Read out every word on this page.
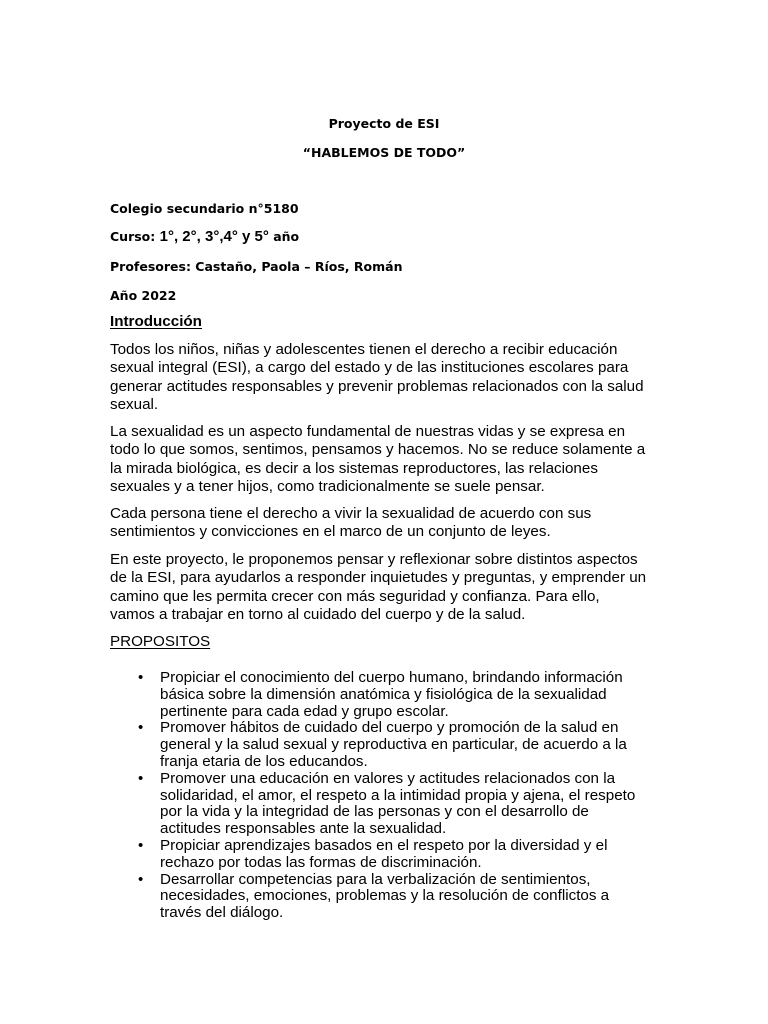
Proyecto de ESI
“HABLEMOS DE TODO”
Colegio secundario n°5180
Curso: 1°, 2°, 3°,4° y 5° año
Profesores: Castaño, Paola – Ríos, Román
Año 2022
Introducción
Todos los niños, niñas y adolescentes tienen el derecho a recibir educación
sexual integral (ESI), a cargo del estado y de las instituciones escolares para
generar actitudes responsables y prevenir problemas relacionados con la salud
sexual.
La sexualidad es un aspecto fundamental de nuestras vidas y se expresa en
todo lo que somos, sentimos, pensamos y hacemos. No se reduce solamente a
la mirada biológica, es decir a los sistemas reproductores, las relaciones
sexuales y a tener hijos, como tradicionalmente se suele pensar.
Cada persona tiene el derecho a vivir la sexualidad de acuerdo con sus
sentimientos y convicciones en el marco de un conjunto de leyes.
En este proyecto, le proponemos pensar y reflexionar sobre distintos aspectos
de la ESI, para ayudarlos a responder inquietudes y preguntas, y emprender un
camino que les permita crecer con más seguridad y confianza. Para ello,
vamos a trabajar en torno al cuidado del cuerpo y de la salud.
PROPOSITOS
• Propiciar el conocimiento del cuerpo humano, brindando información
básica sobre la dimensión anatómica y fisiológica de la sexualidad
pertinente para cada edad y grupo escolar.
• Promover hábitos de cuidado del cuerpo y promoción de la salud en
general y la salud sexual y reproductiva en particular, de acuerdo a la
franja etaria de los educandos.
• Promover una educación en valores y actitudes relacionados con la
solidaridad, el amor, el respeto a la intimidad propia y ajena, el respeto
por la vida y la integridad de las personas y con el desarrollo de
actitudes responsables ante la sexualidad.
• Propiciar aprendizajes basados en el respeto por la diversidad y el
rechazo por todas las formas de discriminación.
• Desarrollar competencias para la verbalización de sentimientos,
necesidades, emociones, problemas y la resolución de conflictos a
través del diálogo.
